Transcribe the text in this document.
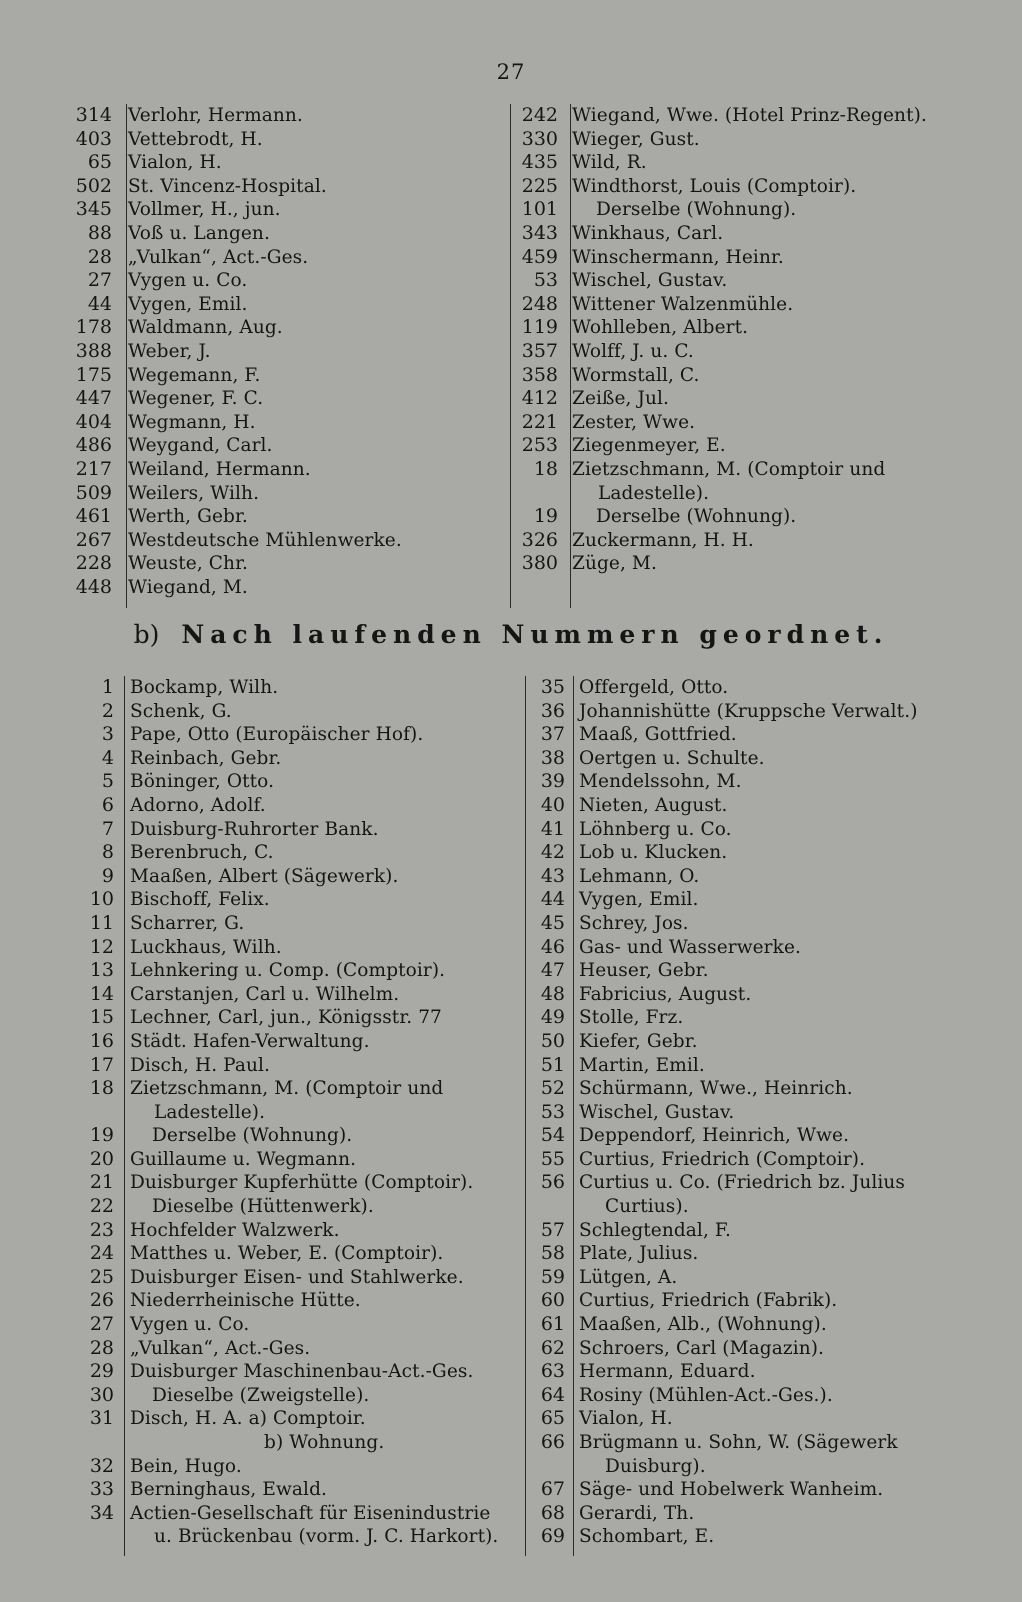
27
314 Verlohr, Hermann.
403 Vettebrodt, H.
65 Vialon, H.
502 St. Vincenz-Hospital.
345 Vollmer, H., jun.
88 Voß u. Langen.
28 „Vulkan“, Act.-Ges.
27 Vygen u. Co.
44 Vygen, Emil.
178 Waldmann, Aug.
388 Weber, J.
175 Wegemann, F.
447 Wegener, F. C.
404 Wegmann, H.
486 Weygand, Carl.
217 Weiland, Hermann.
509 Weilers, Wilh.
461 Werth, Gebr.
267 Westdeutsche Mühlenwerke.
228 Weuste, Chr.
448 Wiegand, M.
242 Wiegand, Wwe. (Hotel Prinz-Regent).
330 Wieger, Gust.
435 Wild, R.
225 Windthorst, Louis (Comptoir).
101	Derselbe (Wohnung).
343 Winkhaus, Carl.
459 Winschermann, Heinr.
53 Wischel, Gustav.
248 Wittener Walzenmühle.
119 Wohlleben, Albert.
357 Wolff, J. u. C.
358 Wormstall, C.
412 Zeiße, Jul.
221 Zester, Wwe.
253 Ziegenmeyer, E.
18 Zietzschmann, M. (Comptoir und
Ladestelle).
19	Derselbe (Wohnung).
326 Zuckermann, H. H.
380 Züge, M.
b) Nach laufenden Nummern geordnet.
1 Bockamp, Wilh.
2 Schenk, G.
3 Pape, Otto (Europäischer Hof).
4 Reinbach, Gebr.
5 Böninger, Otto.
6 Adorno, Adolf.
7 Duisburg-Ruhrorter Bank.
8 Berenbruch, C.
9 Maaßen, Albert (Sägewerk).
10 Bischoff, Felix.
11 Scharrer, G.
12 Luckhaus, Wilh.
13 Lehnkering u. Comp. (Comptoir).
14 Carstanjen, Carl u. Wilhelm.
15 Lechner, Carl, jun., Königsstr. 77
16 Städt. Hafen-Verwaltung.
17 Disch, H. Paul.
18 Zietzschmann, M. (Comptoir und
Ladestelle).
19	Derselbe (Wohnung).
20 Guillaume u. Wegmann.
21 Duisburger Kupferhütte (Comptoir).
22	Dieselbe (Hüttenwerk).
23 Hochfelder Walzwerk.
24 Matthes u. Weber, E. (Comptoir).
25 Duisburger Eisen- und Stahlwerke.
26 Niederrheinische Hütte.
27 Vygen u. Co.
28 „Vulkan“, Act.-Ges.
29 Duisburger Maschinenbau-Act.-Ges.
30	Dieselbe (Zweigstelle).
31 Disch, H. A. a) Comptoir.
b) Wohnung.
32 Bein, Hugo.
33 Berninghaus, Ewald.
34 Actien-Gesellschaft für Eisenindustrie
u. Brückenbau (vorm. J. C. Harkort).
35 Offergeld, Otto.
36 Johannishütte (Kruppsche Verwalt.)
37 Maaß, Gottfried.
38 Oertgen u. Schulte.
39 Mendelssohn, M.
40 Nieten, August.
41 Löhnberg u. Co.
42 Lob u. Klucken.
43 Lehmann, O.
44 Vygen, Emil.
45 Schrey, Jos.
46 Gas- und Wasserwerke.
47 Heuser, Gebr.
48 Fabricius, August.
49 Stolle, Frz.
50 Kiefer, Gebr.
51 Martin, Emil.
52 Schürmann, Wwe., Heinrich.
53 Wischel, Gustav.
54 Deppendorf, Heinrich, Wwe.
55 Curtius, Friedrich (Comptoir).
56 Curtius u. Co. (Friedrich bz. Julius
Curtius).
57 Schlegtendal, F.
58 Plate, Julius.
59 Lütgen, A.
60 Curtius, Friedrich (Fabrik).
61 Maaßen, Alb., (Wohnung).
62 Schroers, Carl (Magazin).
63 Hermann, Eduard.
64 Rosiny (Mühlen-Act.-Ges.).
65 Vialon, H.
66 Brügmann u. Sohn, W. (Sägewerk
Duisburg).
67 Säge- und Hobelwerk Wanheim.
68 Gerardi, Th.
69 Schombart, E.
